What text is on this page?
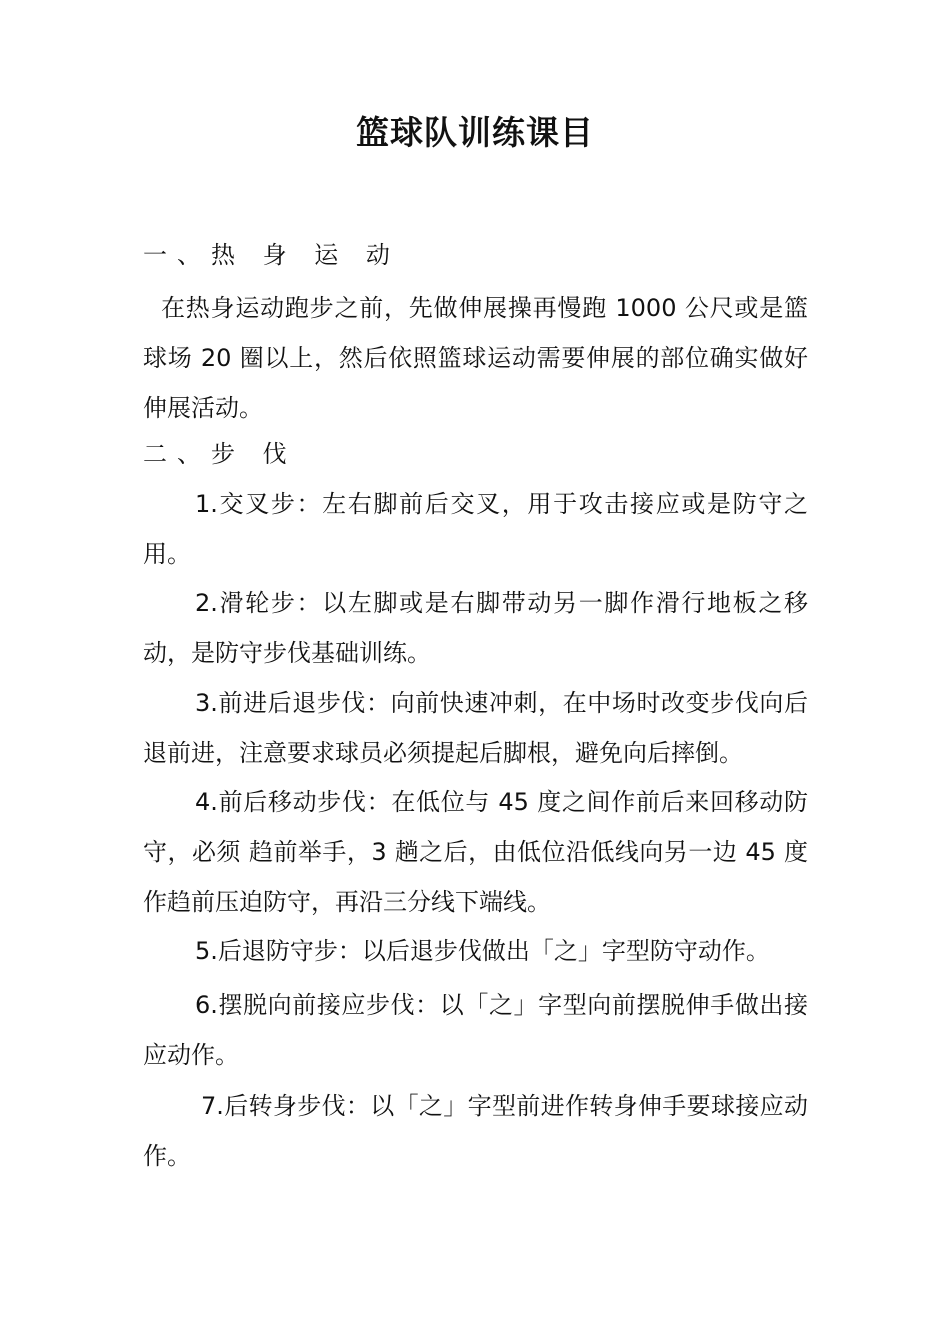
篮球队训练课目
一、热 身 运 动
在热身运动跑步之前，先做伸展操再慢跑 1000 公尺或是篮球场 20 圈以上，然后依照篮球运动需要伸展的部位确实做好伸展活动。
二、步 伐
1.交叉步：左右脚前后交叉，用于攻击接应或是防守之用。
2.滑轮步：以左脚或是右脚带动另一脚作滑行地板之移动，是防守步伐基础训练。
3.前进后退步伐：向前快速冲刺，在中场时改变步伐向后退前进，注意要求球员必须提起后脚根，避免向后摔倒。
4.前后移动步伐：在低位与 45 度之间作前后来回移动防守，必须 趋前举手，3 趟之后，由低位沿低线向另一边 45 度作趋前压迫防守，再沿三分线下端线。
5.后退防守步：以后退步伐做出「之」字型防守动作。
6.摆脱向前接应步伐：以「之」字型向前摆脱伸手做出接应动作。
7.后转身步伐：以「之」字型前进作转身伸手要球接应动作。
